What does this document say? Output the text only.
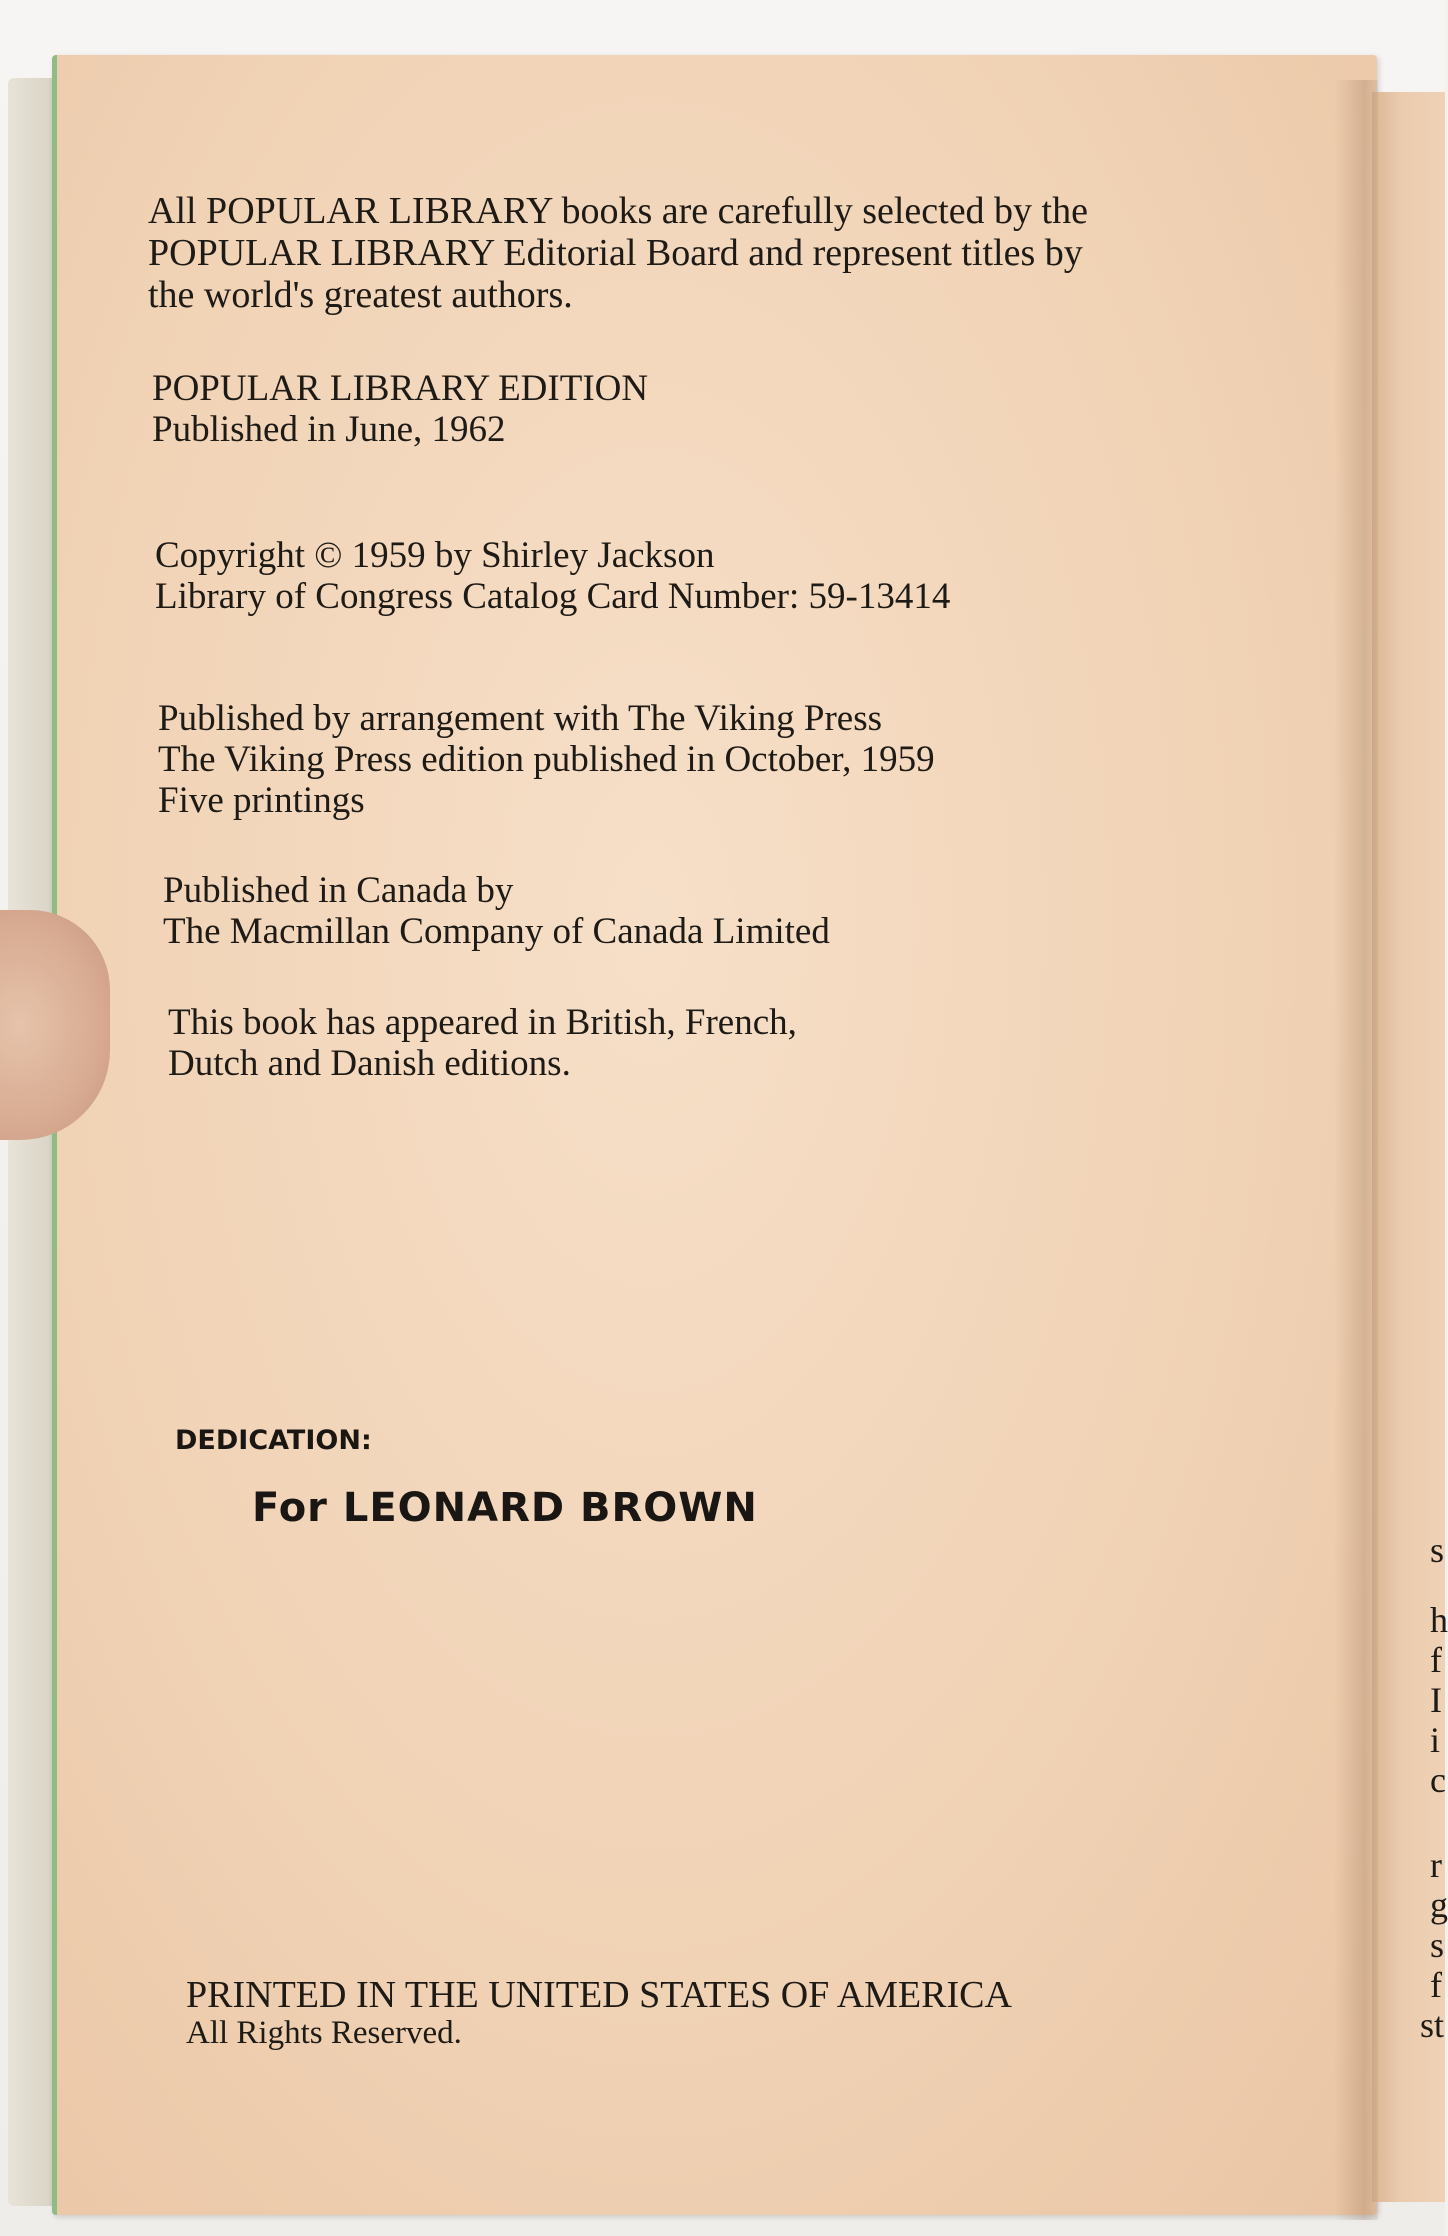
All POPULAR LIBRARY books are carefully selected by the
POPULAR LIBRARY Editorial Board and represent titles by
the world's greatest authors.
POPULAR LIBRARY EDITION
Published in June, 1962
Copyright © 1959 by Shirley Jackson
Library of Congress Catalog Card Number: 59-13414
Published by arrangement with The Viking Press
The Viking Press edition published in October, 1959
Five printings
Published in Canada by
The Macmillan Company of Canada Limited
This book has appeared in British, French,
Dutch and Danish editions.
DEDICATION:
For LEONARD BROWN
PRINTED IN THE UNITED STATES OF AMERICA
All Rights Reserved.
s
h
f
I
i
c
r
g
s
f
st
